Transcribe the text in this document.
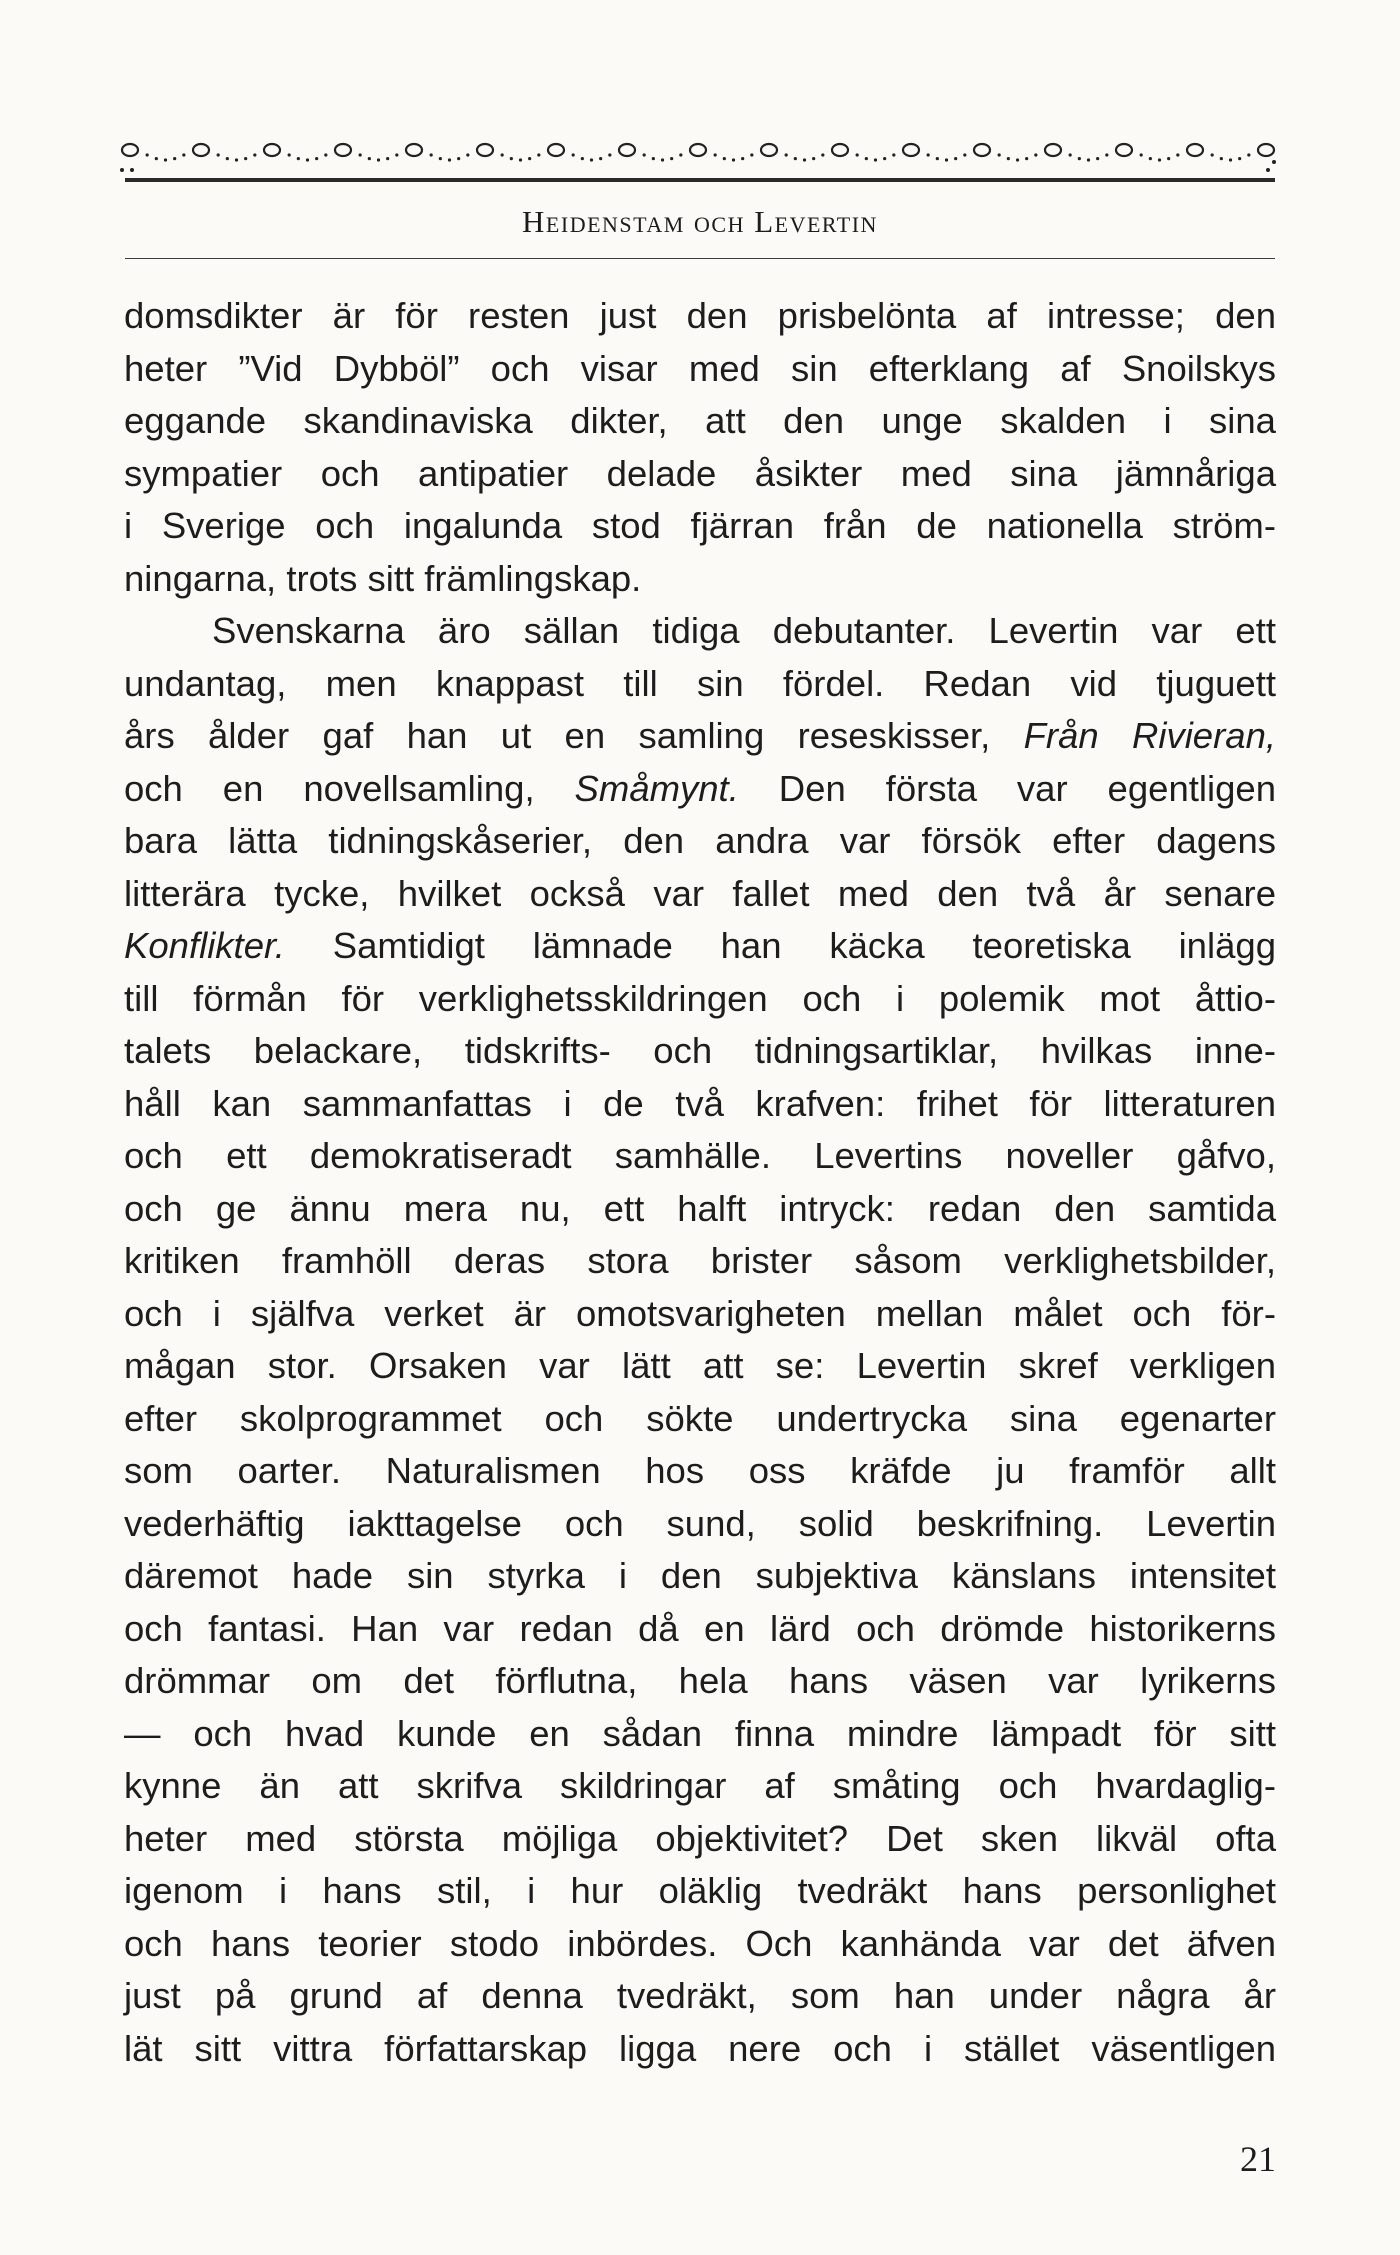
Heidenstam och Levertin
domsdikter är för resten just den prisbelönta af intresse; den
heter ”Vid Dybböl” och visar med sin efterklang af Snoilskys
eggande skandinaviska dikter, att den unge skalden i sina
sympatier och antipatier delade åsikter med sina jämnåriga
i Sverige och ingalunda stod fjärran från de nationella ström-
ningarna, trots sitt främlingskap.
Svenskarna äro sällan tidiga debutanter. Levertin var ett
undantag, men knappast till sin fördel. Redan vid tjuguett
års ålder gaf han ut en samling reseskisser, Från Rivieran,
och en novellsamling, Småmynt. Den första var egentligen
bara lätta tidningskåserier, den andra var försök efter dagens
litterära tycke, hvilket också var fallet med den två år senare
Konflikter. Samtidigt lämnade han käcka teoretiska inlägg
till förmån för verklighetsskildringen och i polemik mot åttio-
talets belackare, tidskrifts- och tidningsartiklar, hvilkas inne-
håll kan sammanfattas i de två krafven: frihet för litteraturen
och ett demokratiseradt samhälle. Levertins noveller gåfvo,
och ge ännu mera nu, ett halft intryck: redan den samtida
kritiken framhöll deras stora brister såsom verklighetsbilder,
och i själfva verket är omotsvarigheten mellan målet och för-
mågan stor. Orsaken var lätt att se: Levertin skref verkligen
efter skolprogrammet och sökte undertrycka sina egenarter
som oarter. Naturalismen hos oss kräfde ju framför allt
vederhäftig iakttagelse och sund, solid beskrifning. Levertin
däremot hade sin styrka i den subjektiva känslans intensitet
och fantasi. Han var redan då en lärd och drömde historikerns
drömmar om det förflutna, hela hans väsen var lyrikerns
— och hvad kunde en sådan finna mindre lämpadt för sitt
kynne än att skrifva skildringar af småting och hvardaglig-
heter med största möjliga objektivitet? Det sken likväl ofta
igenom i hans stil, i hur oläklig tvedräkt hans personlighet
och hans teorier stodo inbördes. Och kanhända var det äfven
just på grund af denna tvedräkt, som han under några år
lät sitt vittra författarskap ligga nere och i stället väsentligen
21
